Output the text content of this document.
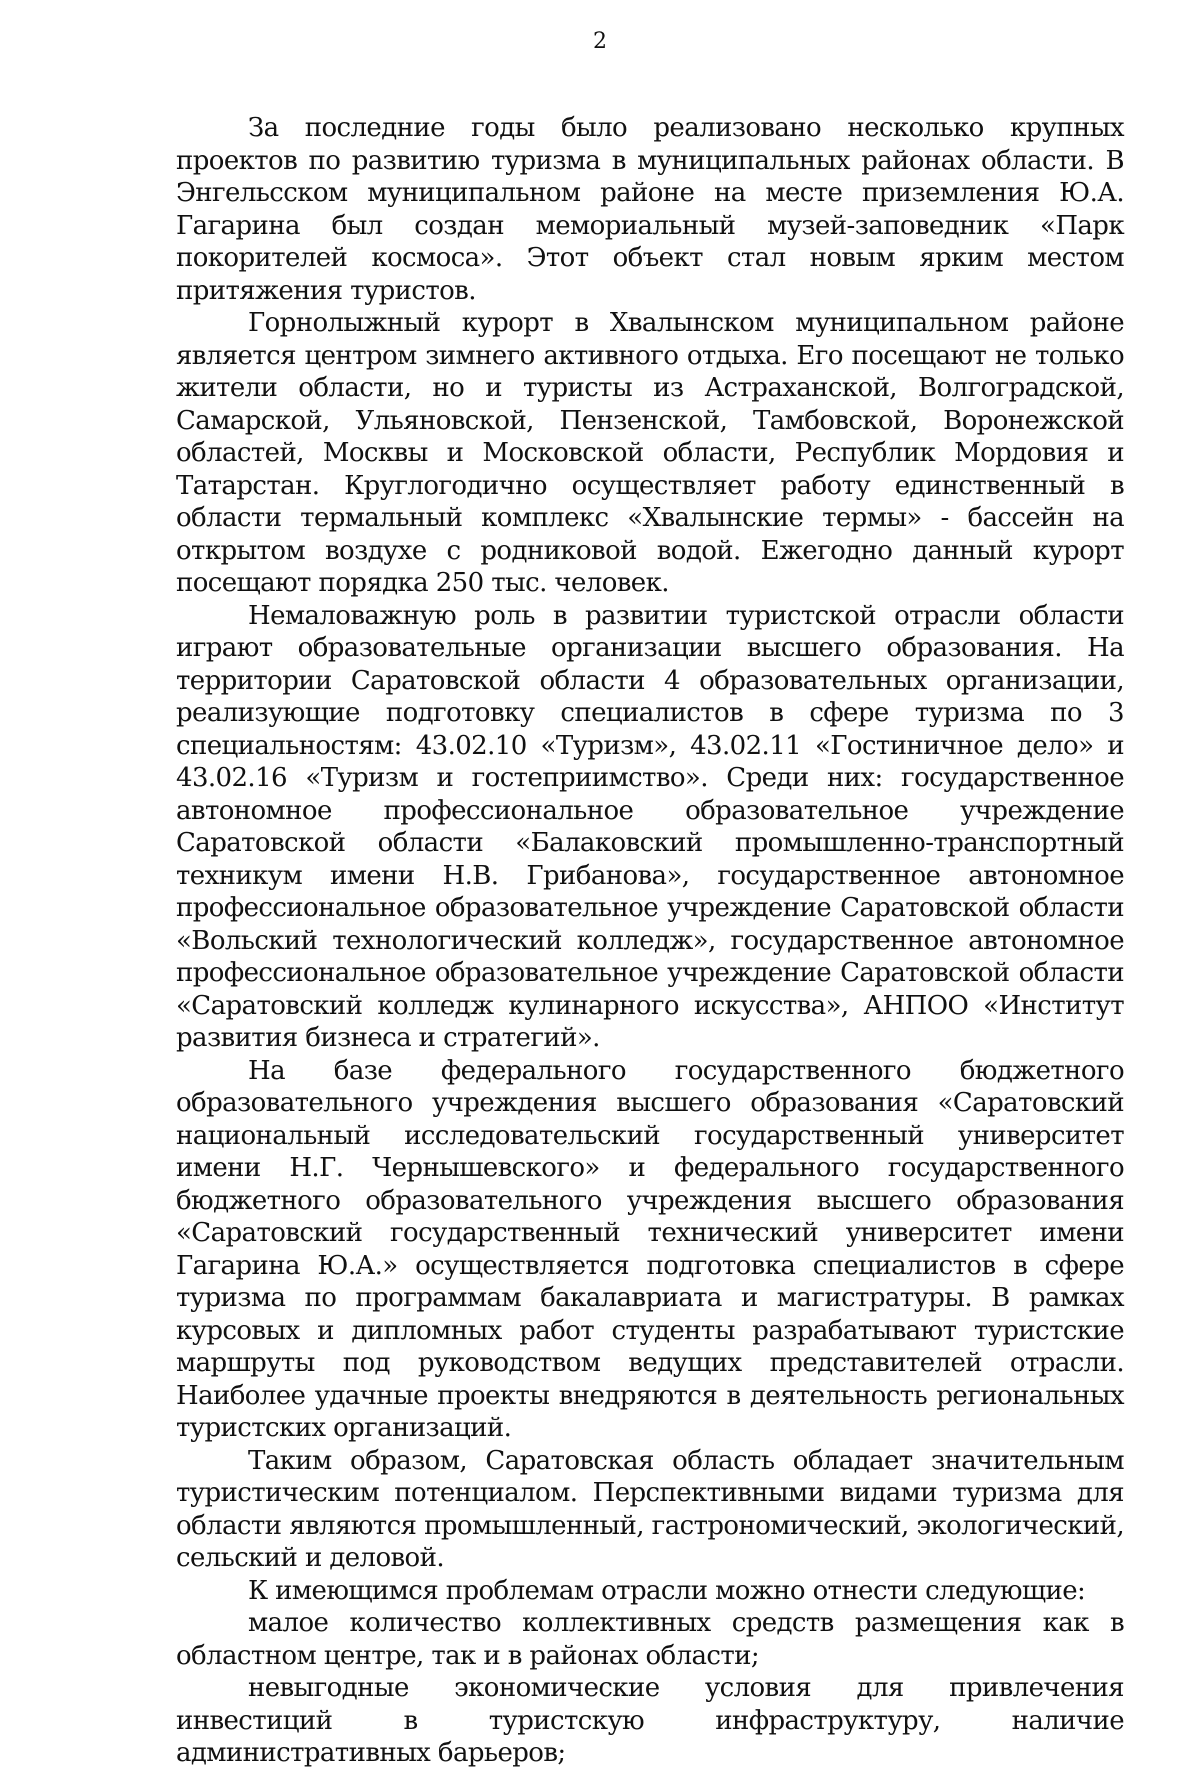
2

За последние годы было реализовано несколько крупных проектов по развитию туризма в муниципальных районах области. В Энгельсском муниципальном районе на месте приземления Ю.А. Гагарина был создан мемориальный музей-заповедник «Парк покорителей космоса». Этот объект стал новым ярким местом притяжения туристов.

Горнолыжный курорт в Хвалынском муниципальном районе является центром зимнего активного отдыха. Его посещают не только жители области, но и туристы из Астраханской, Волгоградской, Самарской, Ульяновской, Пензенской, Тамбовской, Воронежской областей, Москвы и Московской области, Республик Мордовия и Татарстан. Круглогодично осуществляет работу единственный в области термальный комплекс «Хвалынские термы» - бассейн на открытом воздухе с родниковой водой. Ежегодно данный курорт посещают порядка 250 тыс. человек.

Немаловажную роль в развитии туристской отрасли области играют образовательные организации высшего образования. На территории Саратовской области 4 образовательных организации, реализующие подготовку специалистов в сфере туризма по 3 специальностям: 43.02.10 «Туризм», 43.02.11 «Гостиничное дело» и 43.02.16 «Туризм и гостеприимство». Среди них: государственное автономное профессиональное образовательное учреждение Саратовской области «Балаковский промышленно-транспортный техникум имени Н.В. Грибанова», государственное автономное профессиональное образовательное учреждение Саратовской области «Вольский технологический колледж», государственное автономное профессиональное образовательное учреждение Саратовской области «Саратовский колледж кулинарного искусства», АНПОО «Институт развития бизнеса и стратегий».

На базе федерального государственного бюджетного образовательного учреждения высшего образования «Саратовский национальный исследовательский государственный университет имени Н.Г. Чернышевского» и федерального государственного бюджетного образовательного учреждения высшего образования «Саратовский государственный технический университет имени Гагарина Ю.А.» осуществляется подготовка специалистов в сфере туризма по программам бакалавриата и магистратуры. В рамках курсовых и дипломных работ студенты разрабатывают туристские маршруты под руководством ведущих представителей отрасли. Наиболее удачные проекты внедряются в деятельность региональных туристских организаций.

Таким образом, Саратовская область обладает значительным туристическим потенциалом. Перспективными видами туризма для области являются промышленный, гастрономический, экологический, сельский и деловой.

К имеющимся проблемам отрасли можно отнести следующие:

малое количество коллективных средств размещения как в областном центре, так и в районах области;

невыгодные экономические условия для привлечения инвестиций в туристскую инфраструктуру, наличие административных барьеров;
